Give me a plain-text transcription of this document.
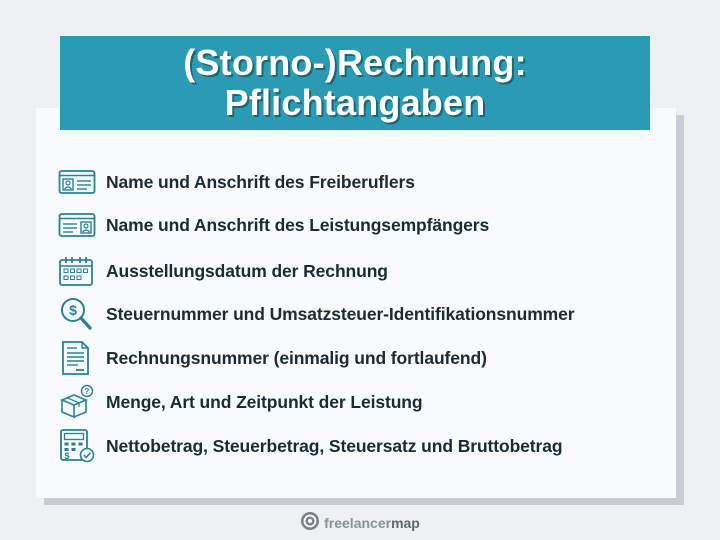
(Storno-)Rechnung:
Pflichtangaben
Name und Anschrift des Freiberuflers
Name und Anschrift des Leistungsempfängers
Ausstellungsdatum der Rechnung
$ Steuernummer und Umsatzsteuer-Identifikationsnummer
Rechnungsnummer (einmalig und fortlaufend)
? Menge, Art und Zeitpunkt der Leistung
$
Nettobetrag, Steuerbetrag, Steuersatz und Bruttobetrag
freelancer map
